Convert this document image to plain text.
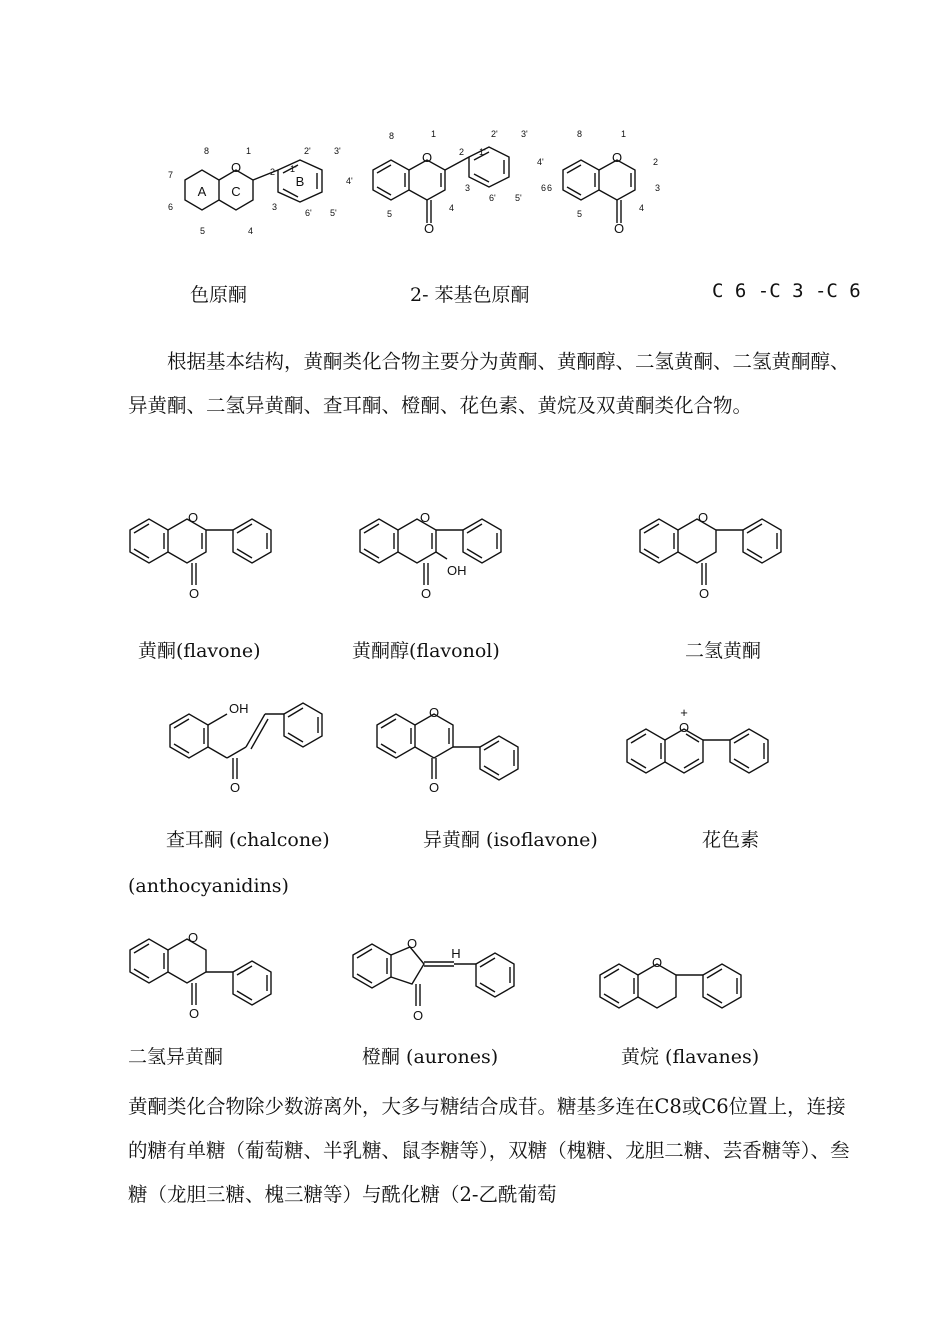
O
A C
B
8	1
2 1'
2'	3'
7
4'
6
5'
6'
3
5	4
O
O
8	1
2 1'
2'	3'
4'
3
4
6
5
6' 5'
O
O
8	1
2
3
4
6
5
色原酮	2- 苯基色原酮	C 6 -C 3 -C 6

根据基本结构，黄酮类化合物主要分为黄酮、黄酮醇、二氢黄酮、二氢黄酮醇、异黄酮、二氢异黄酮、查耳酮、橙酮、花色素、黄烷及双黄酮类化合物。

O
O
O
O
OH
O
O
黄酮(flavone)	黄酮醇(flavonol)	二氢黄酮
OH
O
O
O
+
O
查耳酮 (chalcone)	异黄酮 (isoflavone)	花色素
(anthocyanidins)
O
O
O
O
H
O
二氢异黄酮	橙酮 (aurones)	黄烷 (flavanes)

黄酮类化合物除少数游离外，大多与糖结合成苷。糖基多连在C8或C6位置上，连接的糖有单糖（葡萄糖、半乳糖、鼠李糖等），双糖（槐糖、龙胆二糖、芸香糖等）、叁糖（龙胆三糖、槐三糖等）与酰化糖（2-乙酰葡萄
